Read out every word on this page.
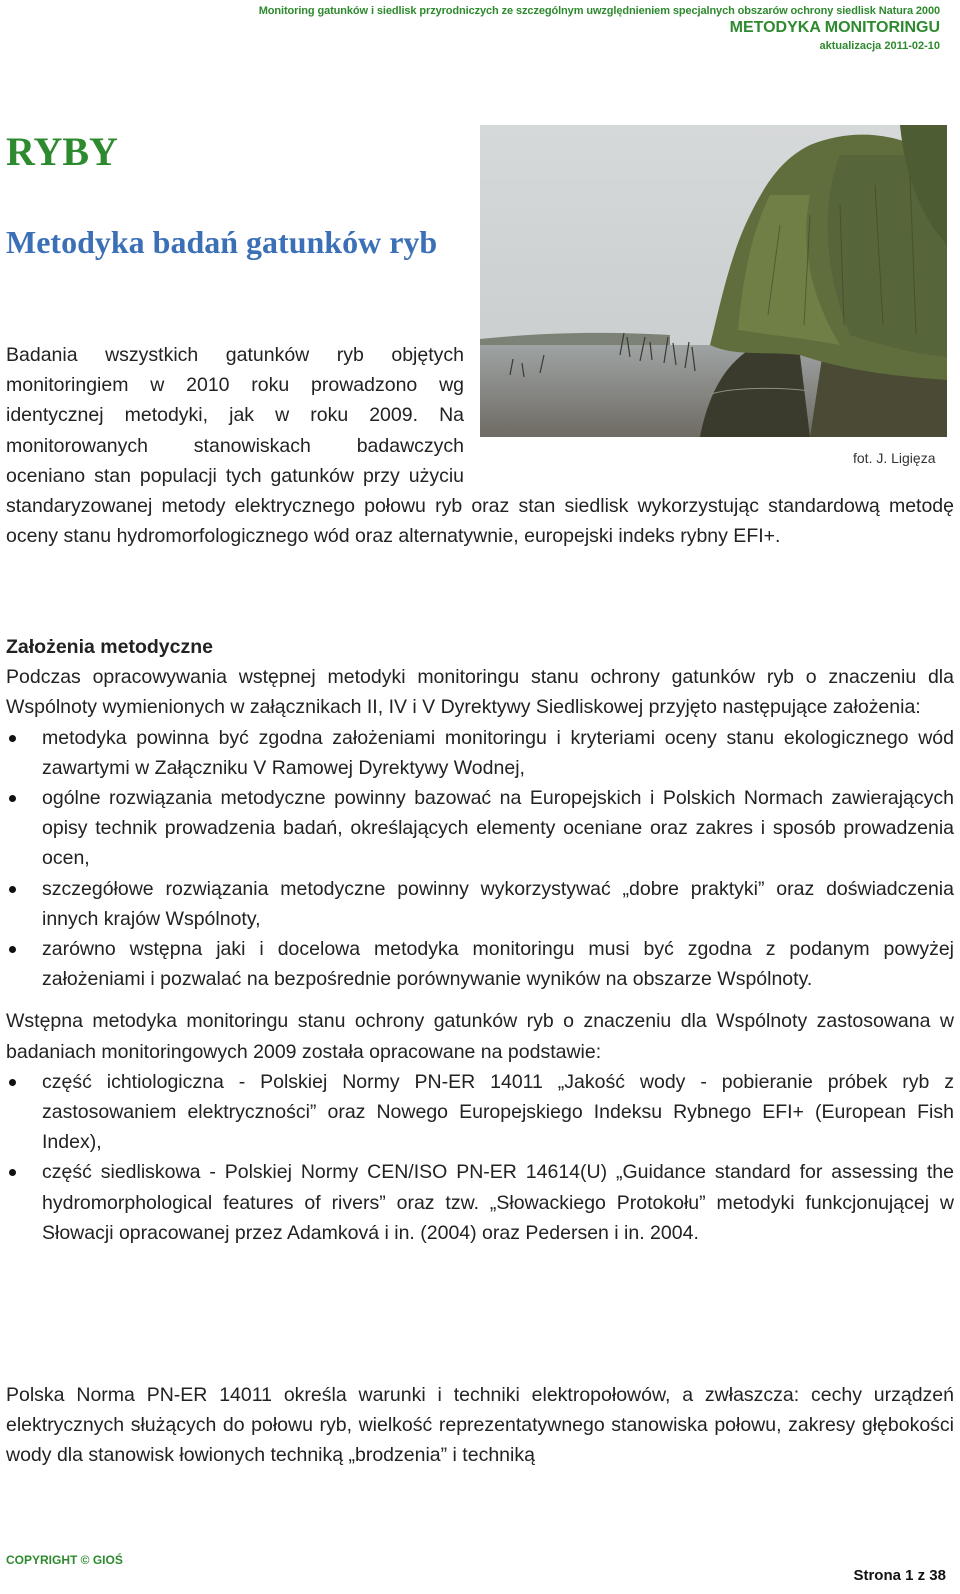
Monitoring gatunków i siedlisk przyrodniczych ze szczególnym uwzględnieniem specjalnych obszarów ochrony siedlisk Natura 2000
METODYKA MONITORINGU
aktualizacja 2011-02-10
RYBY
Metodyka badań gatunków ryb
fot. J. Ligięza

Badania wszystkich gatunków ryb objętych monitoringiem w 2010 roku prowadzono wg identycznej metodyki, jak w roku 2009. Na monitorowanych stanowiskach badawczych oceniano stan populacji tych gatunków przy użyciu standaryzowanej metody elektrycznego połowu ryb oraz stan siedlisk wykorzystując standardową metodę oceny stanu hydromorfologicznego wód oraz alternatywnie, europejski indeks rybny EFI+.

Założenia metodyczne

Podczas opracowywania wstępnej metodyki monitoringu stanu ochrony gatunków ryb o znaczeniu dla Wspólnoty wymienionych w załącznikach II, IV i V Dyrektywy Siedliskowej przyjęto następujące założenia:

metodyka powinna być zgodna założeniami monitoringu i kryteriami oceny stanu ekologicznego wód zawartymi w Załączniku V Ramowej Dyrektywy Wodnej,
ogólne rozwiązania metodyczne powinny bazować na Europejskich i Polskich Normach zawierających opisy technik prowadzenia badań, określających elementy oceniane oraz zakres i sposób prowadzenia ocen,
szczegółowe rozwiązania metodyczne powinny wykorzystywać „dobre praktyki” oraz doświadczenia innych krajów Wspólnoty,
zarówno wstępna jaki i docelowa metodyka monitoringu musi być zgodna z podanym powyżej założeniami i pozwalać na bezpośrednie porównywanie wyników na obszarze Wspólnoty.

Wstępna metodyka monitoringu stanu ochrony gatunków ryb o znaczeniu dla Wspólnoty zastosowana w badaniach monitoringowych 2009 została opracowane na podstawie:

część ichtiologiczna - Polskiej Normy PN-ER 14011 „Jakość wody - pobieranie próbek ryb z zastosowaniem elektryczności” oraz Nowego Europejskiego Indeksu Rybnego EFI+ (European Fish Index),
część siedliskowa - Polskiej Normy CEN/ISO PN-ER 14614(U) „Guidance standard for assessing the hydromorphological features of rivers” oraz tzw. „Słowackiego Protokołu” metodyki funkcjonującej w Słowacji opracowanej przez Adamková i in. (2004) oraz Pedersen i in. 2004.

Polska Norma PN-ER 14011 określa warunki i techniki elektropołowów, a zwłaszcza: cechy urządzeń elektrycznych służących do połowu ryb, wielkość reprezentatywnego stanowiska połowu, zakresy głębokości wody dla stanowisk łowionych techniką „brodzenia” i techniką

COPYRIGHT © GIOŚ
Strona 1 z 38
